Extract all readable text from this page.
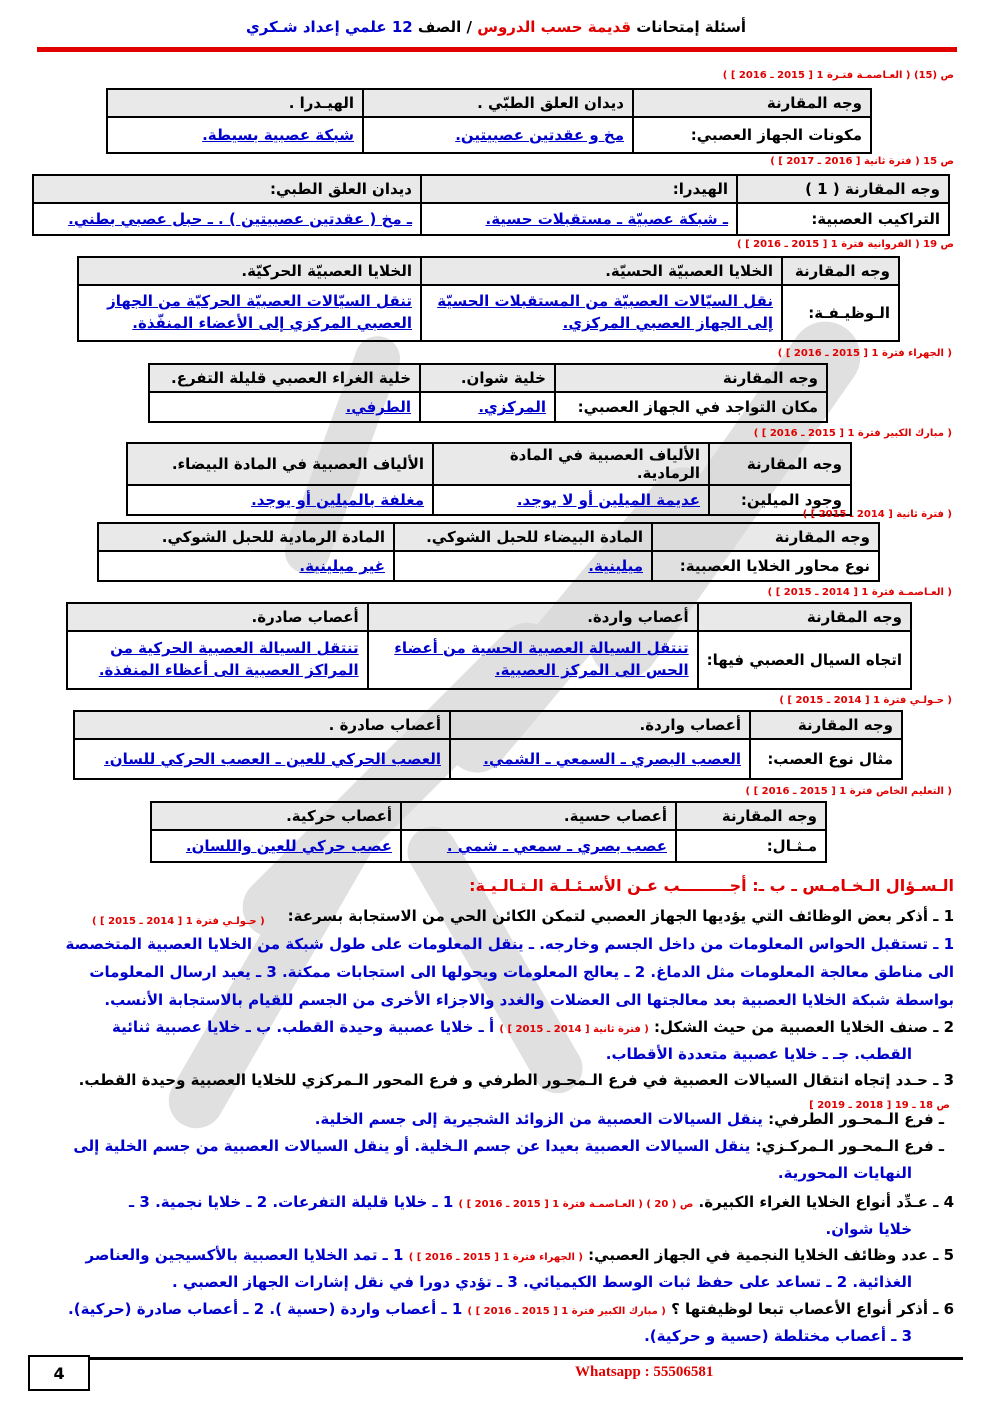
أسئلة إمتحانات قديمة حسب الدروس / الصف 12 علمي إعداد شـكري
ص (15) ( العـاصمـة فتـرة 1 [ 2015 ـ 2016 ] )
وجه المقارنة	ديدان العلق الطبّي .	الهيـدرا .
مكونات الجهاز العصبي:	مخ و عقدتين عصبيتين.	شبكة عصبية بسيطة.
ص 15 ( فترة ثانية [ 2016 ـ 2017 ] )
وجه المقارنة ( 1 )	الهيدرا:	ديدان العلق الطبي:
التراكيب العصبية:	ـ شبكة عصبيّة ـ مستقبلات حسية.	ـ مخ ( عقدتين عصبيتين ) . ـ حبل عصبي بطني.
ص 19 ( الفروانية فترة 1 [ 2015 ـ 2016 ] )
وجه المقارنة	الخلايا العصبيّة الحسيّة.	الخلايا العصبيّة الحركيّة.
الـوظيـفـة:	نقل السيّالات العصبيّة من المستقبلات الحسيّة إلى الجهاز العصبي المركزي.	تنقل السيّالات العصبيّة الحركيّة من الجهاز العصبي المركزي إلى الأعضاء المنفّذة.
( الجهراء فترة 1 [ 2015 ـ 2016 ] )
وجه المقارنة	خلية شوان.	خلية الغراء العصبي قليلة التفرع.
مكان التواجد في الجهاز العصبي:	المركزي.	الطرفي.
( مبارك الكبير فترة 1 [ 2015 ـ 2016 ] )
وجه المقارنة	الألياف العصبية في المادة الرمادية.	الألياف العصبية في المادة البيضاء.
وجود الميلين:	عديمة الميلين أو لا يوجد.	مغلفة بالميلين أو يوجد.
( فترة ثانية [ 2014 ـ 2015 ] )
وجه المقارنة	المادة البيضاء للحبل الشوكي.	المادة الرمادية للحبل الشوكي.
نوع محاور الخلايا العصبية:	ميلينية.	غير ميلينية.
( العـاصمـة فترة 1 [ 2014 ـ 2015 ] )
وجه المقارنة	أعصاب واردة.	أعصاب صادرة.
اتجاه السيال العصبي فيها:	تنتقل السيالة العصبية الحسية من أعضاء الحس الى المركز العصبية.	تنتقل السيالة العصبية الحركية من المراكز العصبية الى أعظاء المنفذة.
( حـولـي فترة 1 [ 2014 ـ 2015 ] )
وجه المقارنة	أعصاب واردة.	أعصاب صادرة .
مثال نوع العصب:	العصب البصري ـ السمعي ـ الشمي.	العصب الحركي للعين ـ العصب الحركي للسان.
( التعليم الخاص فترة 1 [ 2015 ـ 2016 ] )
وجه المقارنة	أعصاب حسية.	أعصاب حركية.
مـثـال:	عصب بصري ـ سمعي ـ شمي .	عصب حركي للعين واللسان.
الـسـؤال الـخـامـس ـ ب ـ: أجـــــــــب عـن الأسـئـلـة الـتـالـيـة:
1 ـ أذكر بعض الوظائف التي يؤديها الجهاز العصبي لتمكن الكائن الحي من الاستجابة بسرعة:
( حـولـي فترة 1 [ 2014 ـ 2015 ] )
1 ـ تستقبل الحواس المعلومات من داخل الجسم وخارجه. ـ ينقل المعلومات على طول شبكة من الخلايا العصبية المتخصصة
الى مناطق معالجة المعلومات مثل الدماغ. 2 ـ يعالج المعلومات ويحولها الى استجابات ممكنة. 3 ـ يعيد ارسال المعلومات
بواسطة شبكة الخلايا العصبية بعد معالجتها الى العضلات والغدد والاجزاء الأخرى من الجسم للقيام بالاستجابة الأنسب.
2 ـ صنف الخلايا العصبية من حيث الشكل: ( فترة ثانية [ 2014 ـ 2015 ] ) أ ـ خلايا عصبية وحيدة القطب. ب ـ خلايا عصبية ثنائية
القطب. جـ ـ خلايا عصبية متعددة الأقطاب.
3 ـ حـدد إتجاه انتقال السيالات العصبية في فرع الـمحـور الطرفي و فرع المحور الـمركزي للخلايا العصبية وحيدة القطب.
ص 18 ـ 19 [ 2018 ـ 2019 ]
ـ فرع الـمحـور الطرفي: ينقل السيالات العصبية من الزوائد الشجيرية إلى جسم الخلية.
ـ فرع الـمحـور الـمركـزي: ينقل السيالات العصبية بعيدا عن جسم الـخلية. أو ينقل السيالات العصبية من جسم الخلية إلى
النهايات المحورية.
4 ـ عـدِّد أنواع الخلايا الغراء الكبيرة. ص ( 20 ) ( العـاصمـة فترة 1 [ 2015 ـ 2016 ] ) 1 ـ خلايا قليلة التفرعات. 2 ـ خلايا نجمية. 3 ـ
خلايا شوان.
5 ـ عدد وظائف الخلايا النجمية في الجهاز العصبي: ( الجهراء فترة 1 [ 2015 ـ 2016 ] ) 1 ـ تمد الخلايا العصبية بالأكسيجين والعناصر
الغذائية. 2 ـ تساعد على حفظ ثبات الوسط الكيميائي. 3 ـ تؤدي دورا في نقل إشارات الجهاز العصبي .
6 ـ أذكر أنواع الأعصاب تبعا لوظيفتها ؟ ( مبارك الكبير فترة 1 [ 2015 ـ 2016 ] ) 1 ـ أعصاب واردة (حسية ). 2 ـ أعصاب صادرة (حركية).
3 ـ أعصاب مختلطة (حسية و حركية).
4	Whatsapp : 55506581
